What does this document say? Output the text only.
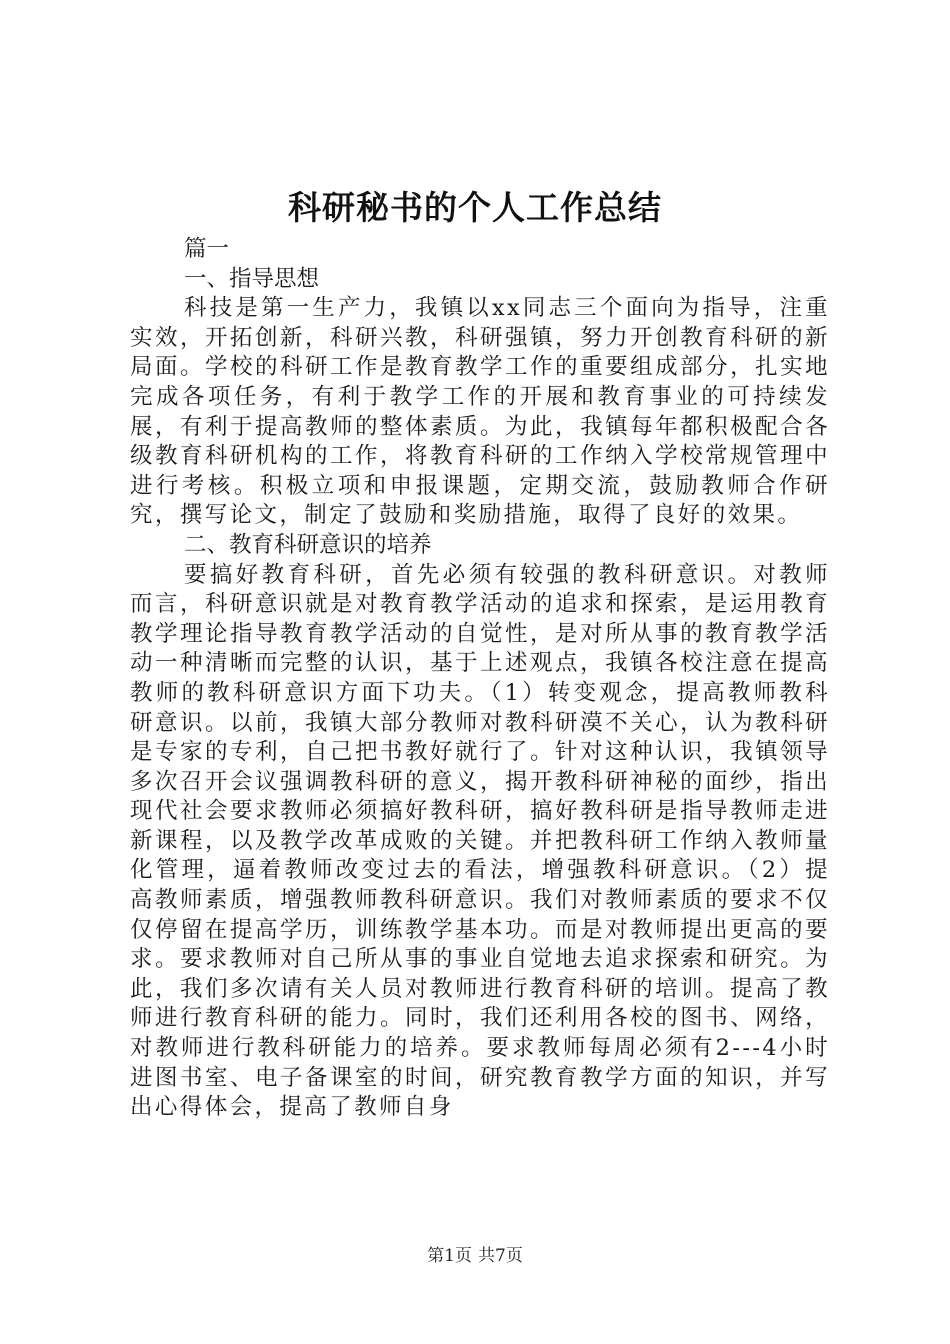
科研秘书的个人工作总结

篇一

一、指导思想

科技是第一生产力，我镇以xx同志三个面向为指导，注重实效，开拓创新，科研兴教，科研强镇，努力开创教育科研的新局面。学校的科研工作是教育教学工作的重要组成部分，扎实地完成各项任务，有利于教学工作的开展和教育事业的可持续发展，有利于提高教师的整体素质。为此，我镇每年都积极配合各级教育科研机构的工作，将教育科研的工作纳入学校常规管理中进行考核。积极立项和申报课题，定期交流，鼓励教师合作研究，撰写论文，制定了鼓励和奖励措施，取得了良好的效果。

二、教育科研意识的培养

要搞好教育科研，首先必须有较强的教科研意识。对教师而言，科研意识就是对教育教学活动的追求和探索，是运用教育教学理论指导教育教学活动的自觉性，是对所从事的教育教学活动一种清晰而完整的认识，基于上述观点，我镇各校注意在提高教师的教科研意识方面下功夫。（1）转变观念，提高教师教科研意识。以前，我镇大部分教师对教科研漠不关心，认为教科研是专家的专利，自己把书教好就行了。针对这种认识，我镇领导多次召开会议强调教科研的意义，揭开教科研神秘的面纱，指出现代社会要求教师必须搞好教科研，搞好教科研是指导教师走进新课程，以及教学改革成败的关键。并把教科研工作纳入教师量化管理，逼着教师改变过去的看法，增强教科研意识。（2）提高教师素质，增强教师教科研意识。我们对教师素质的要求不仅仅停留在提高学历，训练教学基本功。而是对教师提出更高的要求。要求教师对自己所从事的事业自觉地去追求探索和研究。为此，我们多次请有关人员对教师进行教育科研的培训。提高了教师进行教育科研的能力。同时，我们还利用各校的图书、网络，对教师进行教科研能力的培养。要求教师每周必须有2---4小时进图书室、电子备课室的时间，研究教育教学方面的知识，并写出心得体会，提高了教师自身

第1页 共7页
